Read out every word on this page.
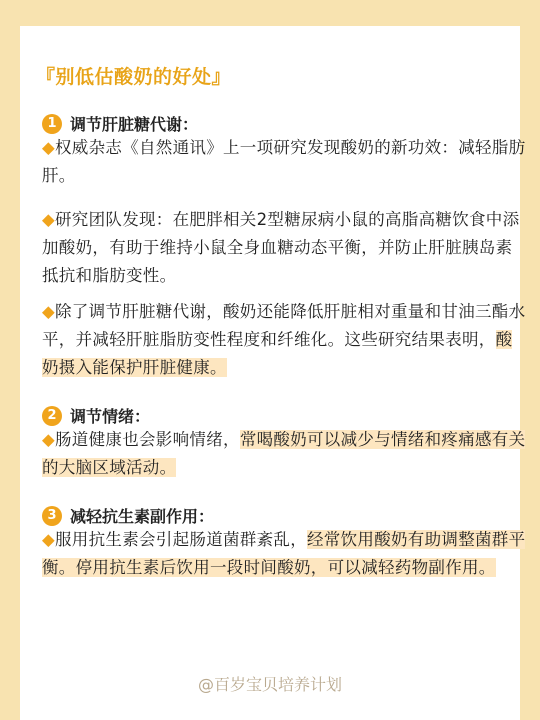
『别低估酸奶的好处』
1 调节肝脏糖代谢：
◆权威杂志《自然通讯》上一项研究发现酸奶的新功效：减轻脂肪肝。
◆研究团队发现：在肥胖相关2型糖尿病小鼠的高脂高糖饮食中添加酸奶，有助于维持小鼠全身血糖动态平衡，并防止肝脏胰岛素抵抗和脂肪变性。
◆除了调节肝脏糖代谢，酸奶还能降低肝脏相对重量和甘油三酯水平，并减轻肝脏脂肪变性程度和纤维化。这些研究结果表明，酸奶摄入能保护肝脏健康。
2 调节情绪：
◆肠道健康也会影响情绪，常喝酸奶可以减少与情绪和疼痛感有关的大脑区域活动。
3 减轻抗生素副作用：
◆服用抗生素会引起肠道菌群紊乱，经常饮用酸奶有助调整菌群平衡。停用抗生素后饮用一段时间酸奶，可以减轻药物副作用。
@百岁宝贝培养计划
